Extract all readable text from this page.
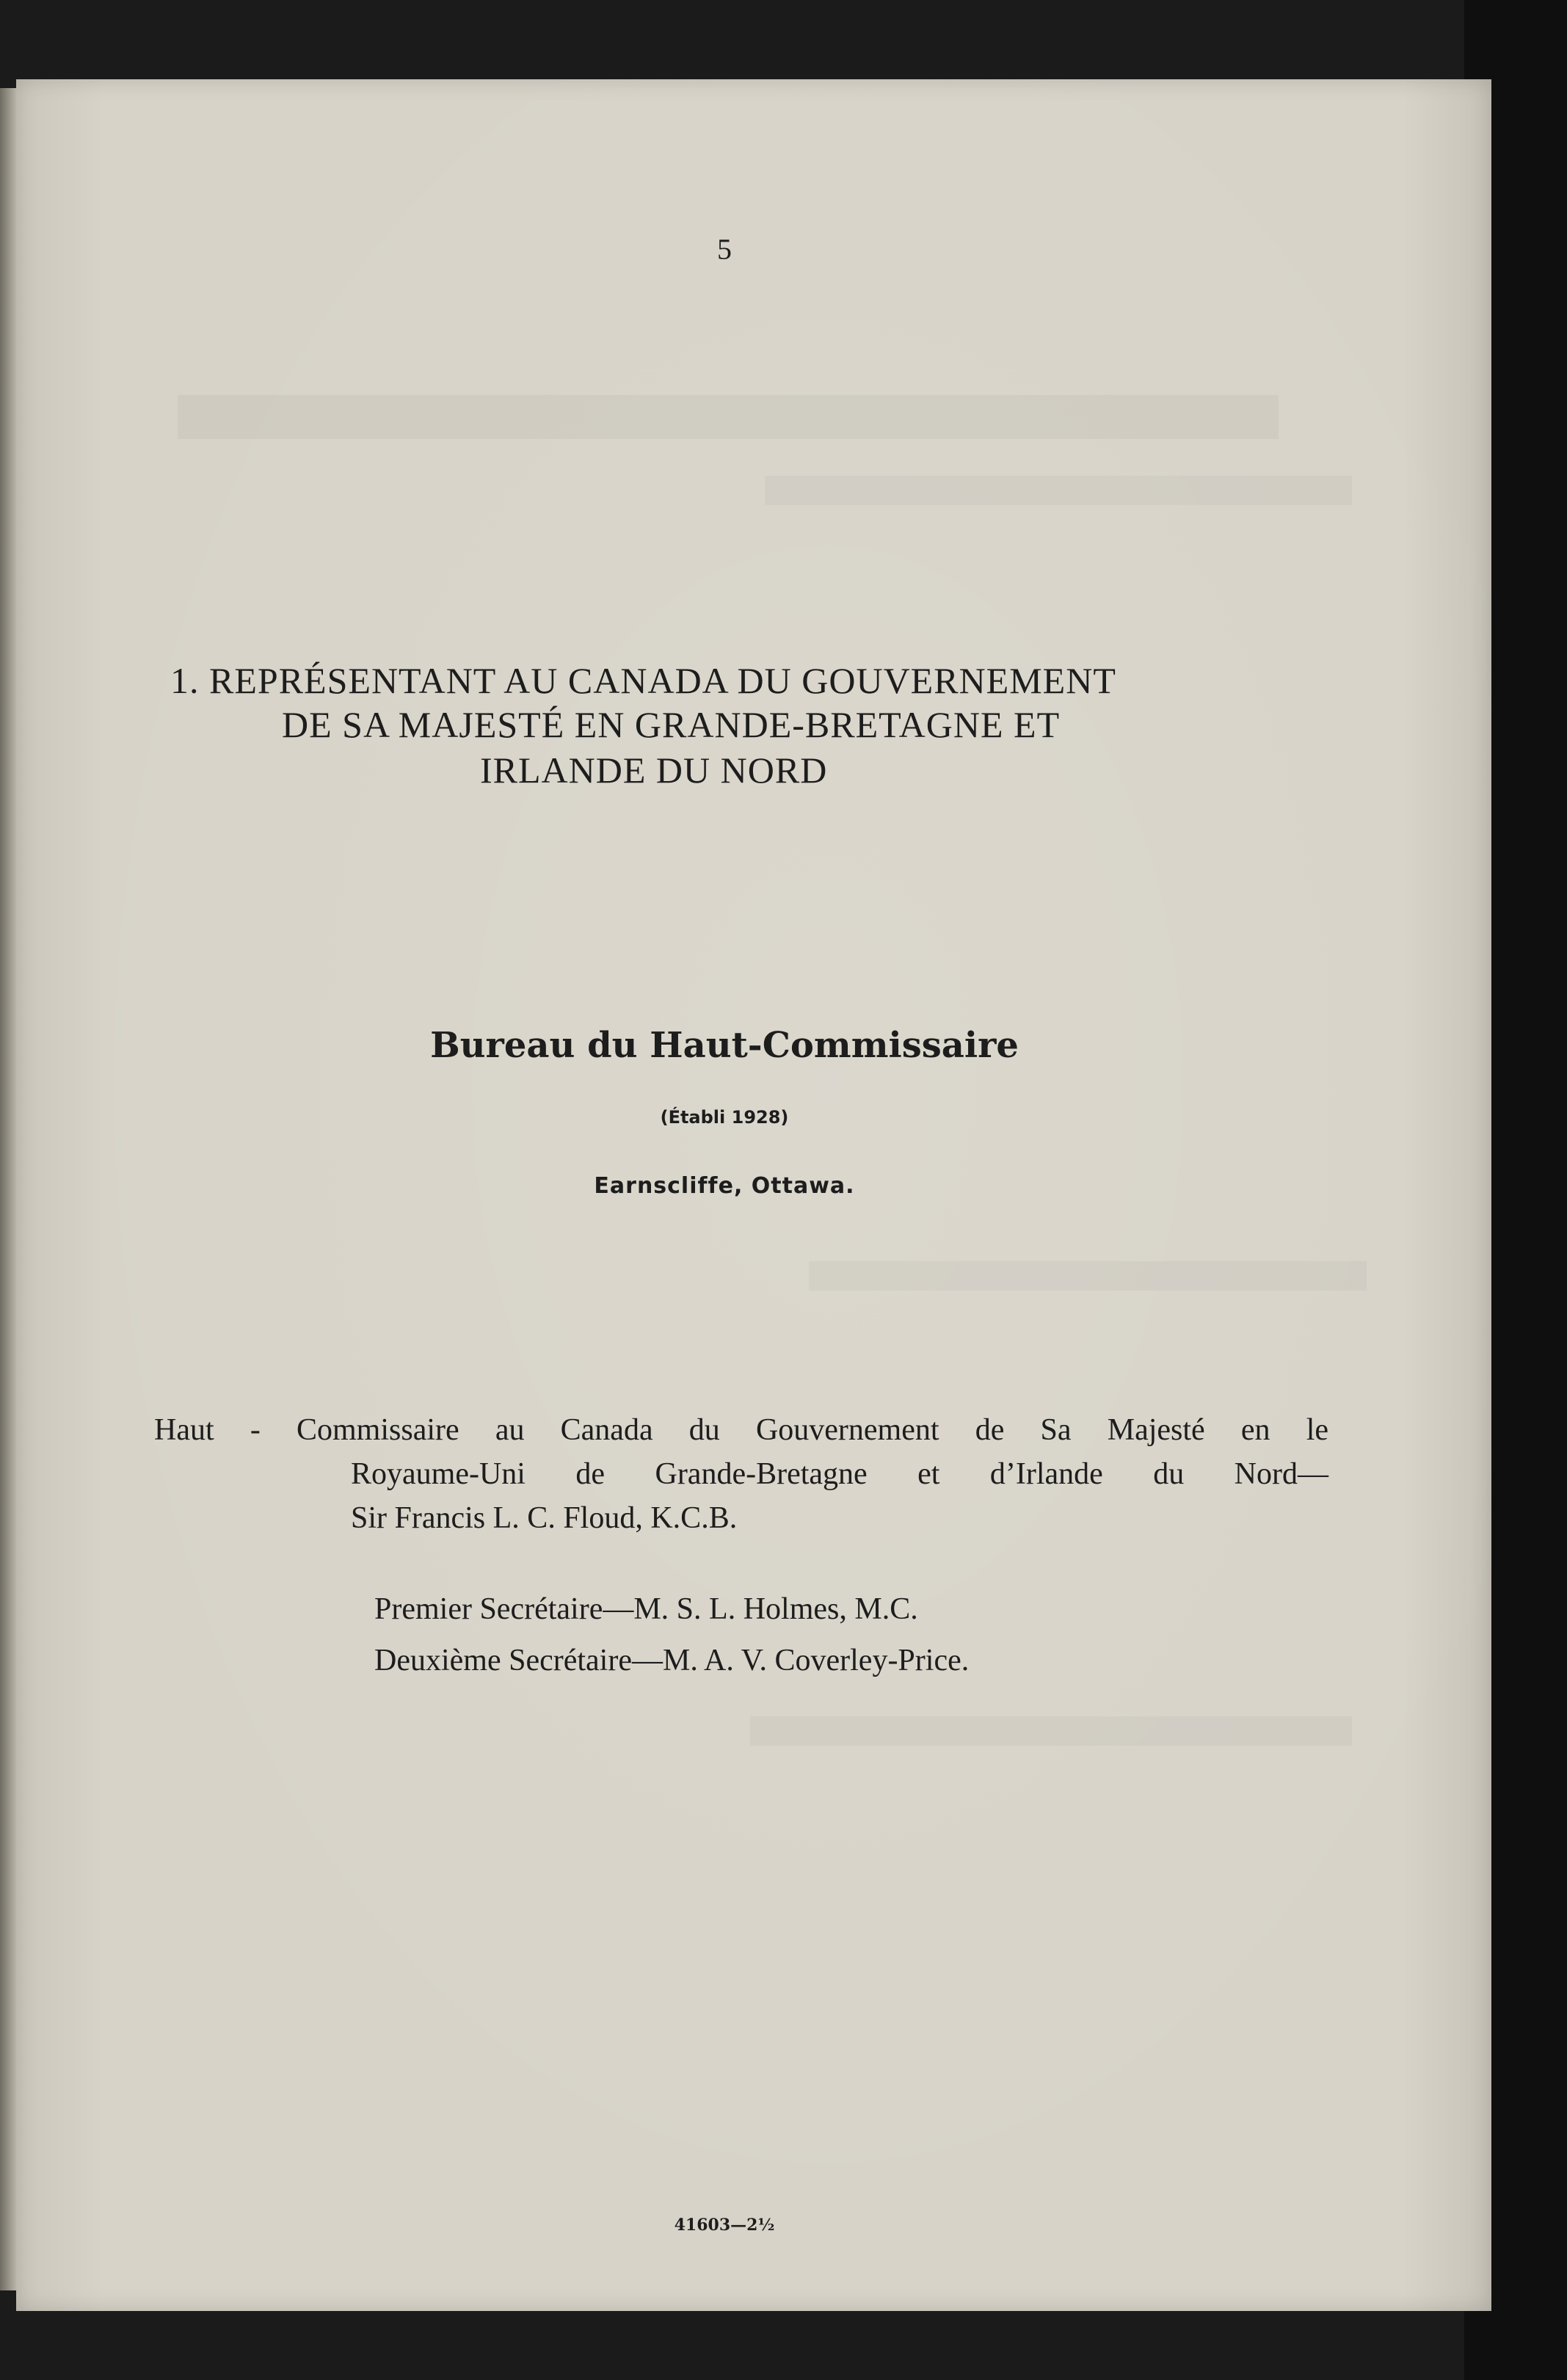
5
1. REPRÉSENTANT AU CANADA DU GOUVERNEMENT
DE SA MAJESTÉ EN GRANDE-BRETAGNE ET
IRLANDE DU NORD
Bureau du Haut-Commissaire
(Établi 1928)
Earnscliffe, Ottawa.
Haut - Commissaire au Canada du Gouvernement de Sa Majesté en le
Royaume-Uni de Grande-Bretagne et d’Irlande du Nord—
Sir Francis L. C. Floud, K.C.B.
Premier Secrétaire—M. S. L. Holmes, M.C.
Deuxième Secrétaire—M. A. V. Coverley-Price.
41603—2½
